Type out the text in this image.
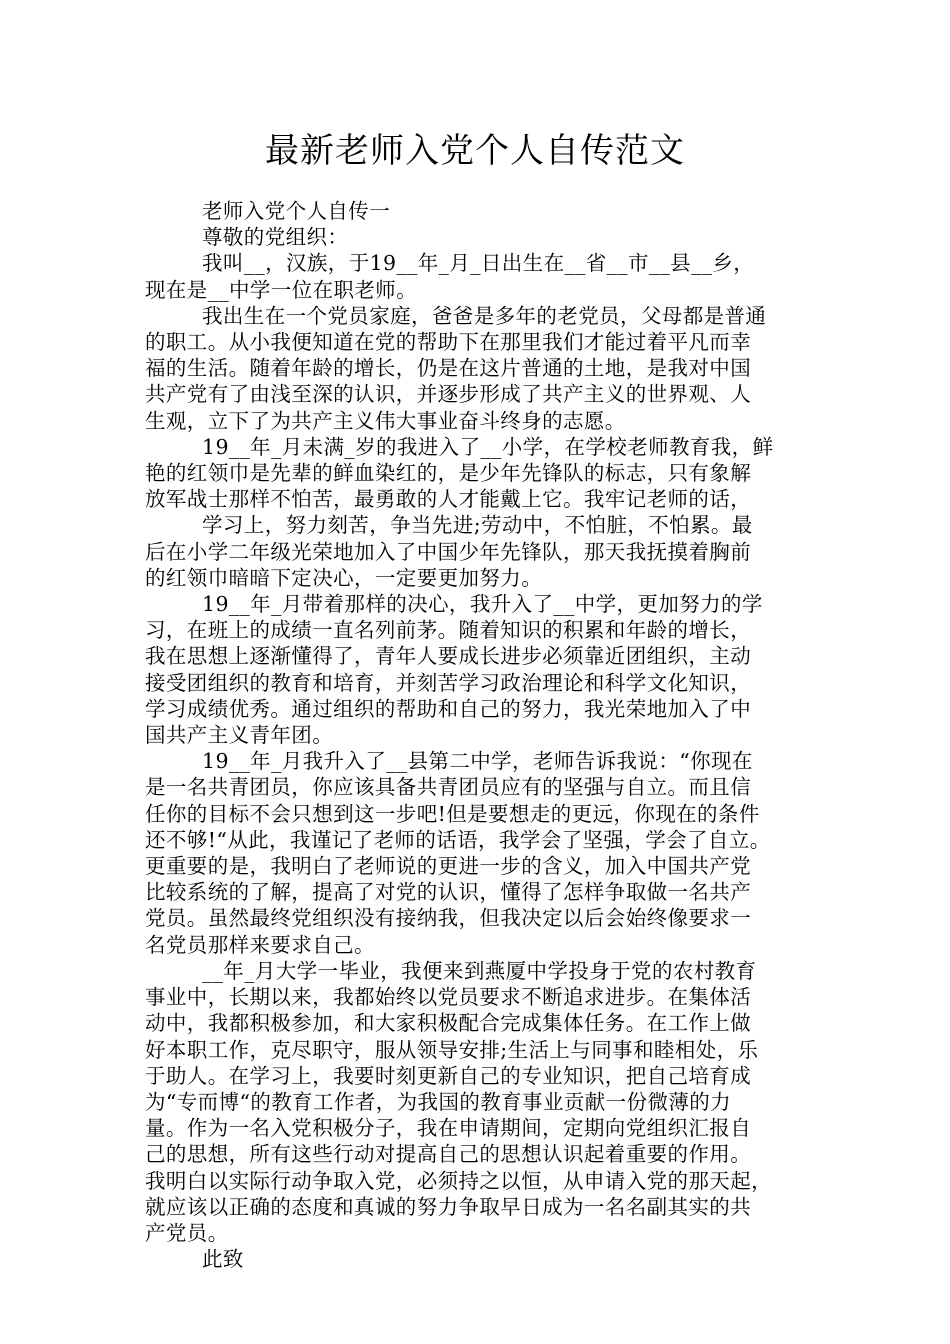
最新老师入党个人自传范文

老师入党个人自传一

尊敬的党组织：

我叫__，汉族，于19__年_月_日出生在__省__市__县__乡，

现在是__中学一位在职老师。

我出生在一个党员家庭，爸爸是多年的老党员，父母都是普通

的职工。从小我便知道在党的帮助下在那里我们才能过着平凡而幸

福的生活。随着年龄的增长，仍是在这片普通的土地，是我对中国

共产党有了由浅至深的认识，并逐步形成了共产主义的世界观、人

生观，立下了为共产主义伟大事业奋斗终身的志愿。

19__年_月未满_岁的我进入了__小学，在学校老师教育我，鲜

艳的红领巾是先辈的鲜血染红的，是少年先锋队的标志，只有象解

放军战士那样不怕苦，最勇敢的人才能戴上它。我牢记老师的话，

学习上，努力刻苦，争当先进;劳动中，不怕脏，不怕累。最

后在小学二年级光荣地加入了中国少年先锋队，那天我抚摸着胸前

的红领巾暗暗下定决心，一定要更加努力。

19__年_月带着那样的决心，我升入了__中学，更加努力的学

习，在班上的成绩一直名列前茅。随着知识的积累和年龄的增长，

我在思想上逐渐懂得了，青年人要成长进步必须靠近团组织，主动

接受团组织的教育和培育，并刻苦学习政治理论和科学文化知识，

学习成绩优秀。通过组织的帮助和自己的努力，我光荣地加入了中

国共产主义青年团。

19__年_月我升入了__县第二中学，老师告诉我说：“你现在

是一名共青团员，你应该具备共青团员应有的坚强与自立。而且信

任你的目标不会只想到这一步吧!但是要想走的更远，你现在的条件

还不够!“从此，我谨记了老师的话语，我学会了坚强，学会了自立。

更重要的是，我明白了老师说的更进一步的含义，加入中国共产党

比较系统的了解，提高了对党的认识，懂得了怎样争取做一名共产

党员。虽然最终党组织没有接纳我，但我决定以后会始终像要求一

名党员那样来要求自己。

__年_月大学一毕业，我便来到燕厦中学投身于党的农村教育

事业中，长期以来，我都始终以党员要求不断追求进步。在集体活

动中，我都积极参加，和大家积极配合完成集体任务。在工作上做

好本职工作，克尽职守，服从领导安排;生活上与同事和睦相处，乐

于助人。在学习上，我要时刻更新自己的专业知识，把自己培育成

为“专而博“的教育工作者，为我国的教育事业贡献一份微薄的力

量。作为一名入党积极分子，我在申请期间，定期向党组织汇报自

己的思想，所有这些行动对提高自己的思想认识起着重要的作用。

我明白以实际行动争取入党，必须持之以恒，从申请入党的那天起，

就应该以正确的态度和真诚的努力争取早日成为一名名副其实的共

产党员。

此致
